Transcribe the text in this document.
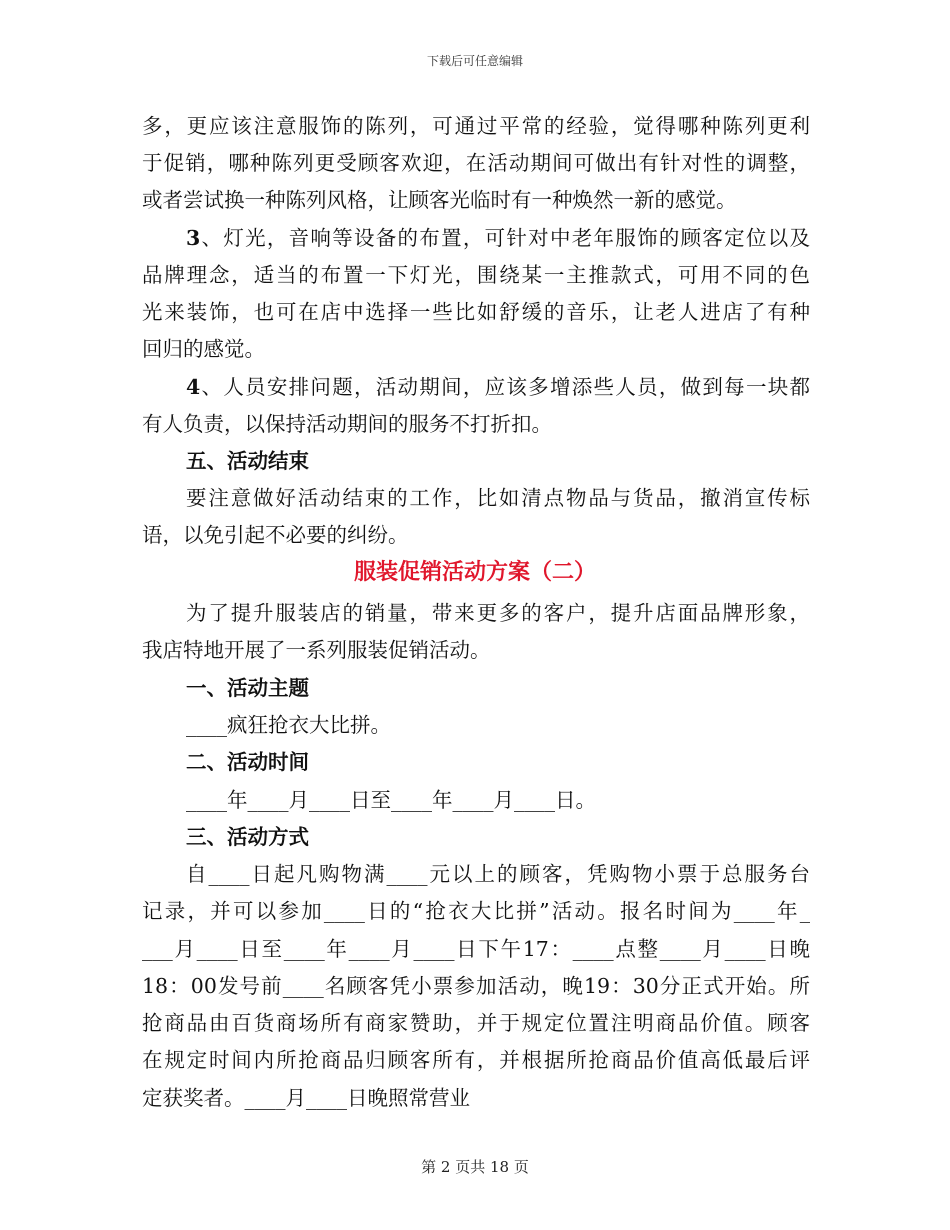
下载后可任意编辑
多，更应该注意服饰的陈列，可通过平常的经验，觉得哪种陈列更利
于促销，哪种陈列更受顾客欢迎，在活动期间可做出有针对性的调整，
或者尝试换一种陈列风格，让顾客光临时有一种焕然一新的感觉。
3、灯光，音响等设备的布置，可针对中老年服饰的顾客定位以及
品牌理念，适当的布置一下灯光，围绕某一主推款式，可用不同的色
光来装饰，也可在店中选择一些比如舒缓的音乐，让老人进店了有种
回归的感觉。
4、人员安排问题，活动期间，应该多增添些人员，做到每一块都
有人负责，以保持活动期间的服务不打折扣。
五、活动结束
要注意做好活动结束的工作，比如清点物品与货品，撤消宣传标
语，以免引起不必要的纠纷。
服装促销活动方案（二）
为了提升服装店的销量，带来更多的客户，提升店面品牌形象，
我店特地开展了一系列服装促销活动。
一、活动主题
____疯狂抢衣大比拼。
二、活动时间
____年____月____日至____年____月____日。
三、活动方式
自____日起凡购物满____元以上的顾客，凭购物小票于总服务台
记录，并可以参加____日的“抢衣大比拼”活动。报名时间为____年_
___月____日至____年____月____日下午17：____点整____月____日晚
18：00发号前____名顾客凭小票参加活动，晚19：30分正式开始。所
抢商品由百货商场所有商家赞助，并于规定位置注明商品价值。顾客
在规定时间内所抢商品归顾客所有，并根据所抢商品价值高低最后评
定获奖者。____月____日晚照常营业
第 2 页共 18 页
